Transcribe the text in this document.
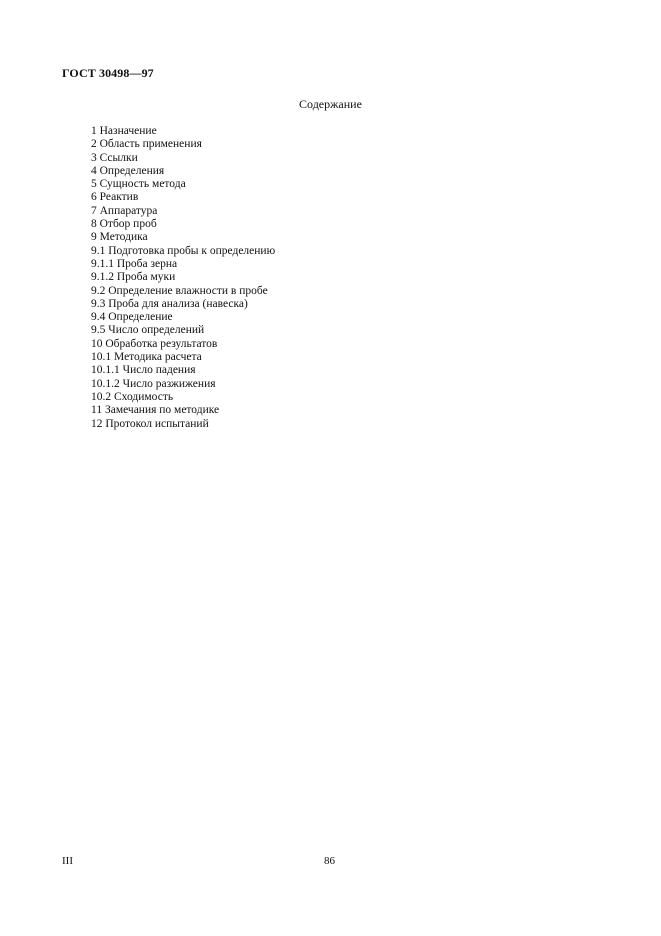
ГОСТ 30498—97
Содержание
1 Назначение
2 Область применения
3 Ссылки
4 Определения
5 Сущность метода
6 Реактив
7 Аппаратура
8 Отбор проб
9 Методика
9.1 Подготовка пробы к определению
9.1.1 Проба зерна
9.1.2 Проба муки
9.2 Определение влажности в пробе
9.3 Проба для анализа (навеска)
9.4 Определение
9.5 Число определений
10 Обработка результатов
10.1 Методика расчета
10.1.1 Число падения
10.1.2 Число разжижения
10.2 Сходимость
11 Замечания по методике
12 Протокол испытаний
III	86
